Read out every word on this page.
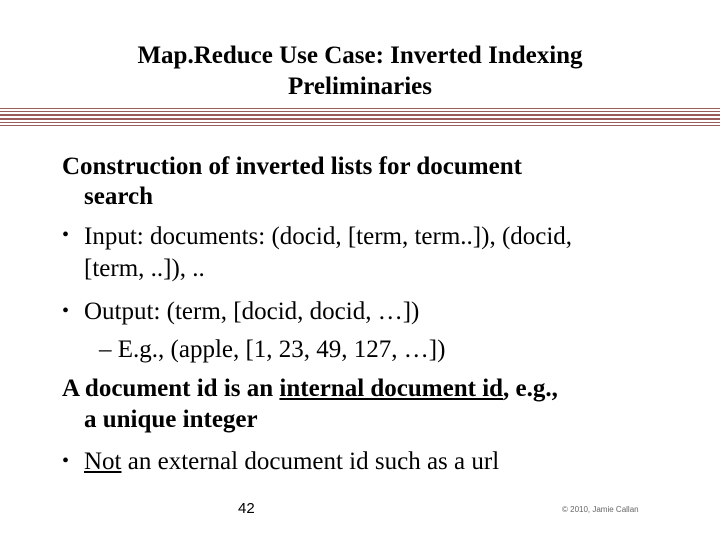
Map.Reduce Use Case: Inverted Indexing
Preliminaries
Construction of inverted lists for document
search
• Input: documents: (docid, [term, term..]), (docid,
[term, ..]), ..
• Output: (term, [docid, docid, …])
– E.g., (apple, [1, 23, 49, 127, …])
A document id is an internal document id, e.g.,
a unique integer
• Not an external document id such as a url
42	© 2010, Jamie Callan
